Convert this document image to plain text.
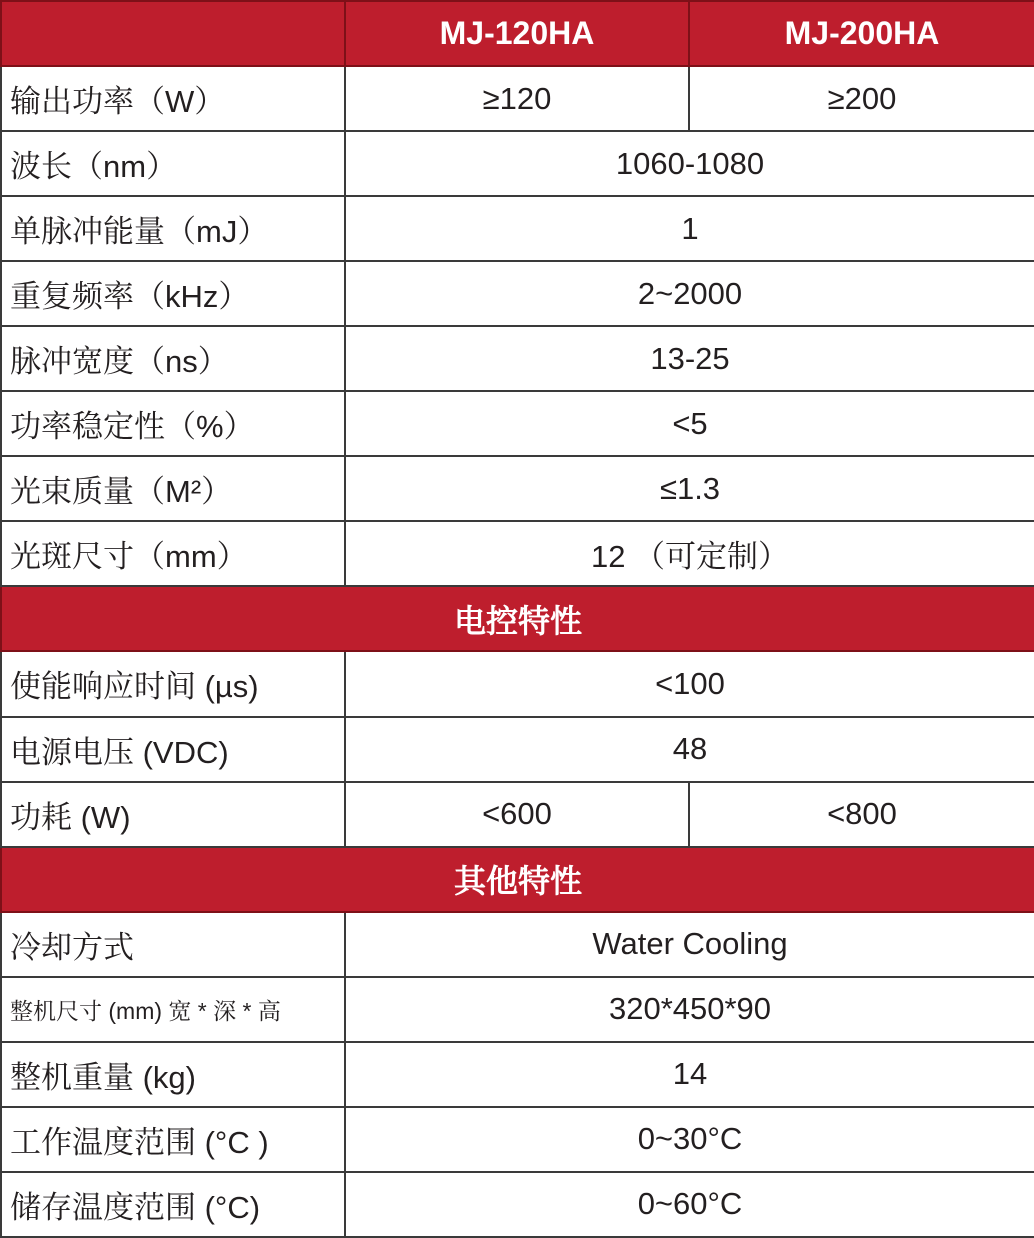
	MJ-120HA	MJ-200HA
输出功率（W）	≥120	≥200
波长（nm）	1060-1080	
单脉冲能量（mJ）	1	
重复频率（kHz）	2~2000	
脉冲宽度（ns）	13-25	
功率稳定性（%）	<5	
光束质量（M²）	≤1.3	
光斑尺寸（mm）	12 （可定制）	
电控特性		
使能响应时间 (µs)	<100	
电源电压 (VDC)	48	
功耗 (W)	<600	<800
其他特性		
冷却方式	Water Cooling	
整机尺寸 (mm) 宽 * 深 * 高	320*450*90	
整机重量 (kg)	14	
工作温度范围 (°C )	0~30°C	
储存温度范围 (°C)	0~60°C	
